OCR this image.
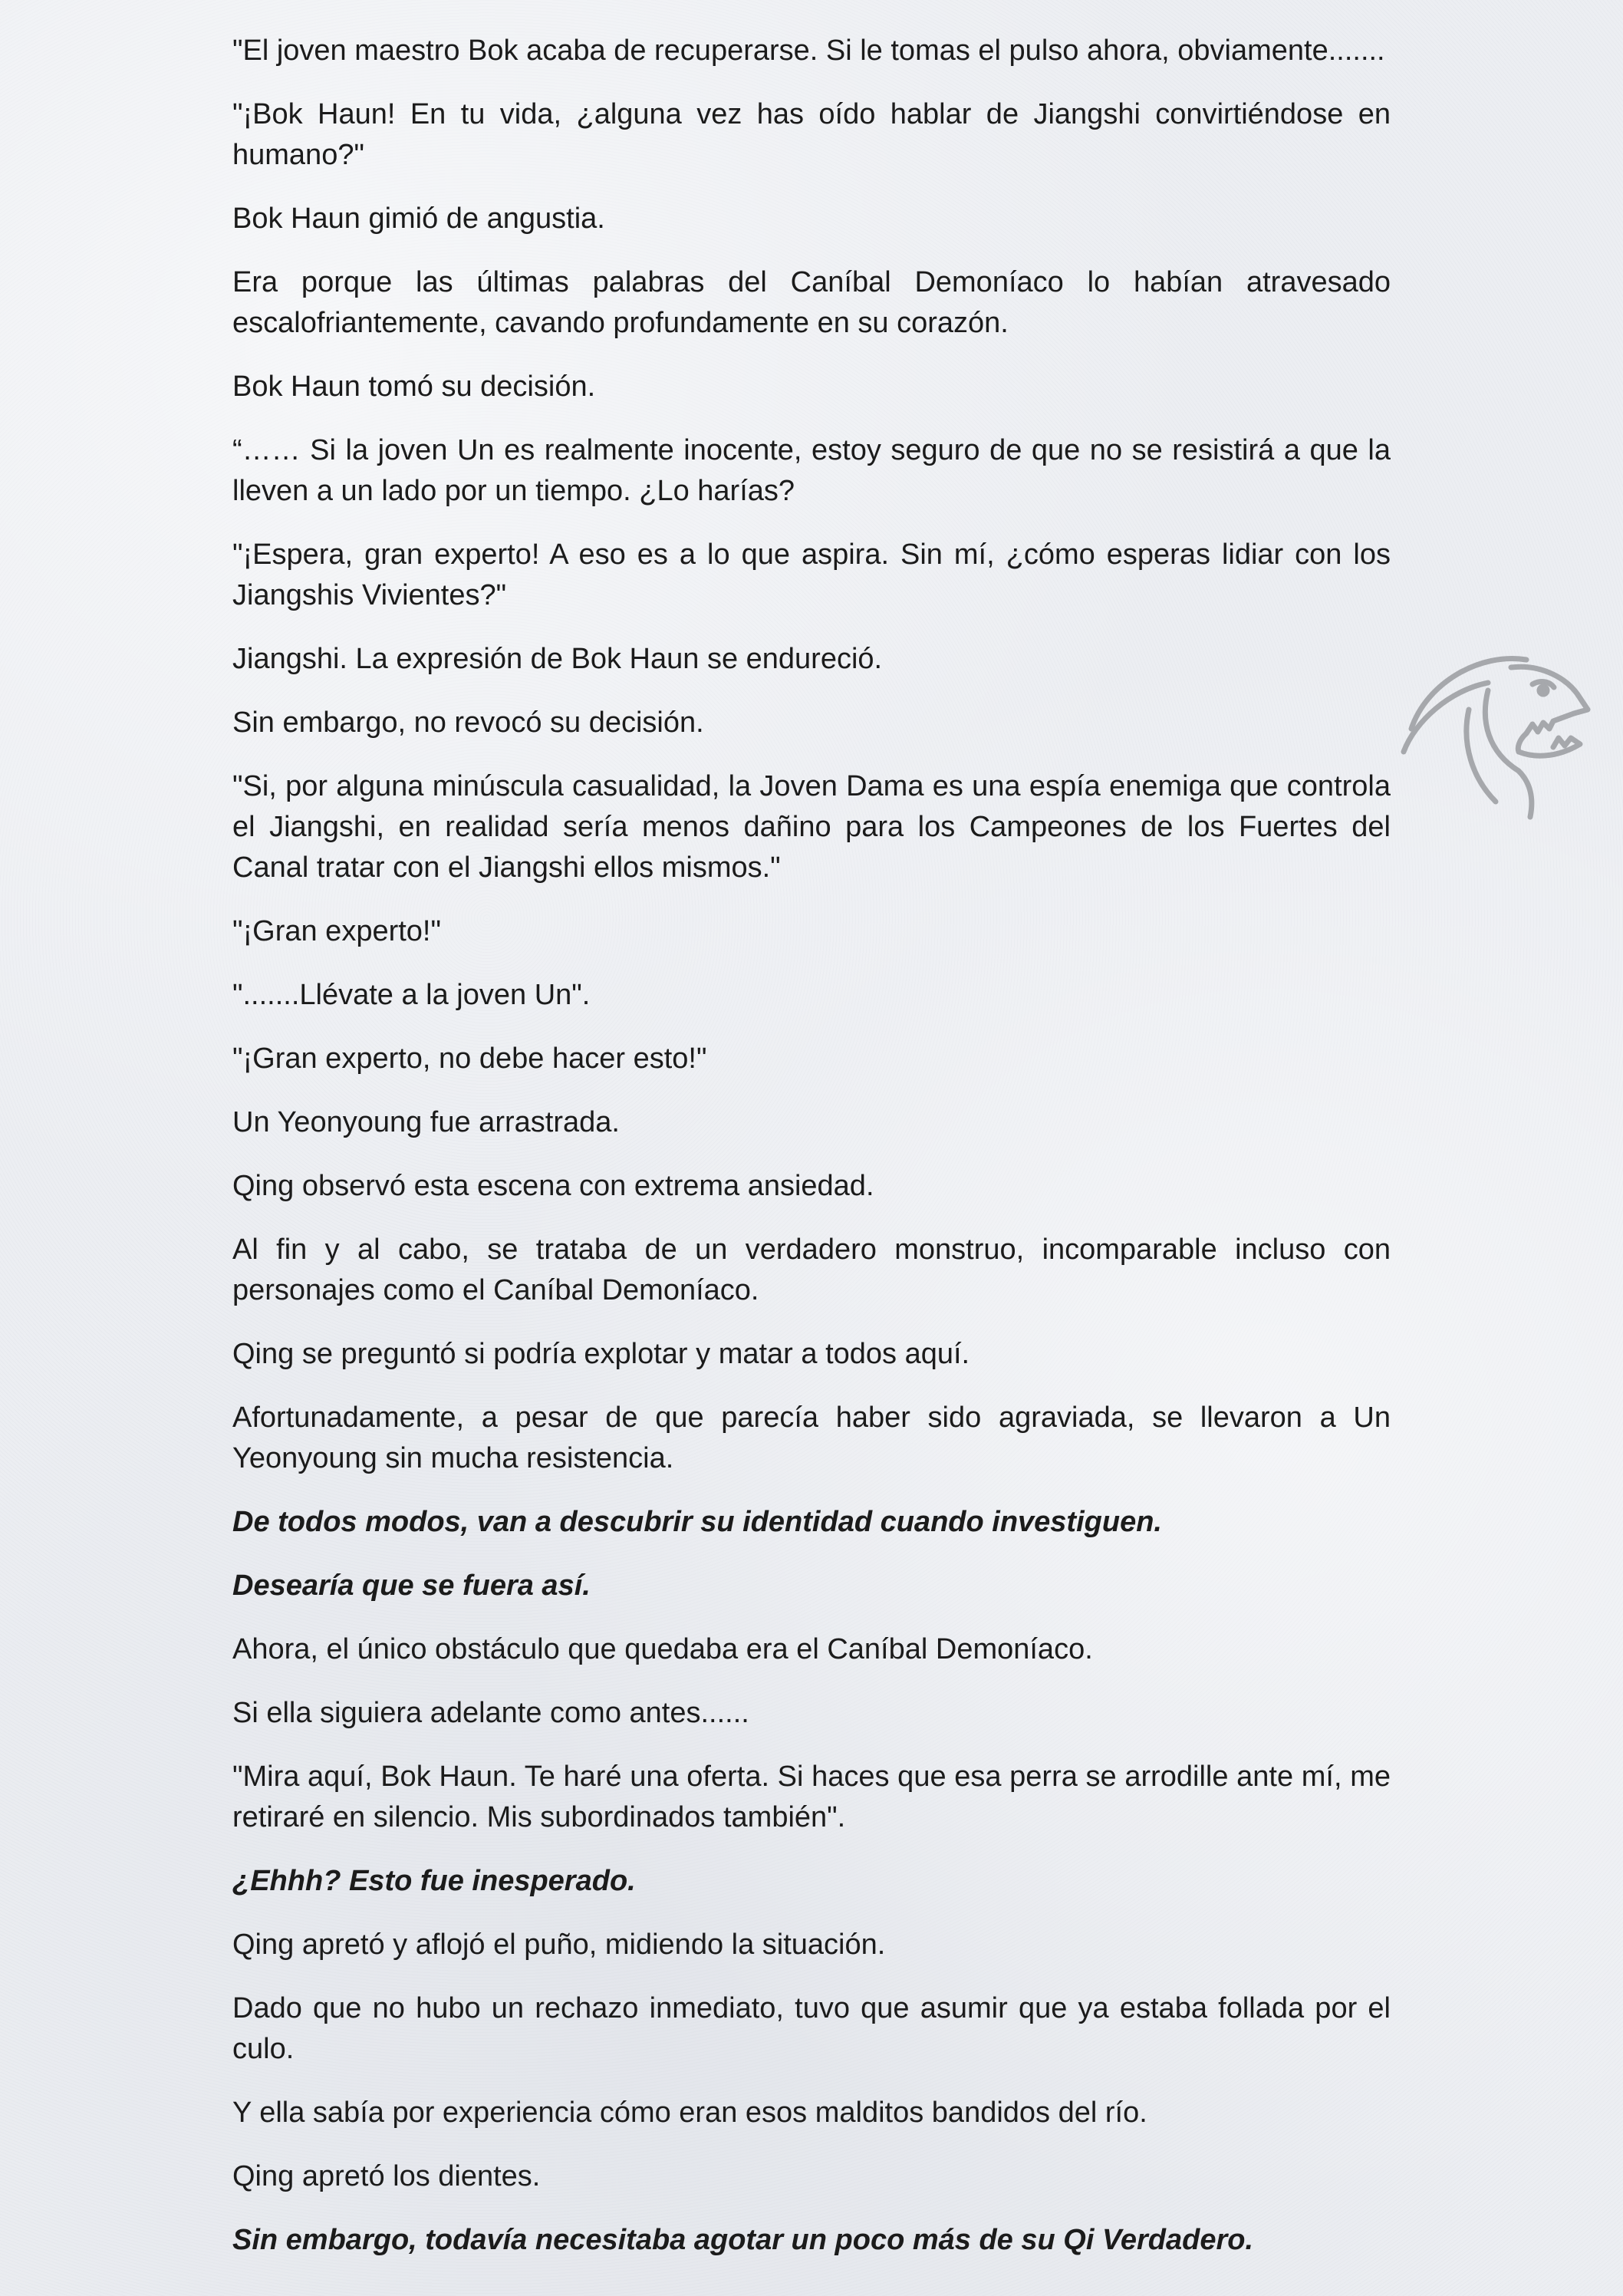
"El joven maestro Bok acaba de recuperarse. Si le tomas el pulso ahora, obviamente.......

"¡Bok Haun! En tu vida, ¿alguna vez has oído hablar de Jiangshi convirtiéndose en humano?"

Bok Haun gimió de angustia.

Era porque las últimas palabras del Caníbal Demoníaco lo habían atravesado escalofriantemente, cavando profundamente en su corazón.

Bok Haun tomó su decisión.

“…… Si la joven Un es realmente inocente, estoy seguro de que no se resistirá a que la lleven a un lado por un tiempo. ¿Lo harías?

"¡Espera, gran experto! A eso es a lo que aspira. Sin mí, ¿cómo esperas lidiar con los Jiangshis Vivientes?"

Jiangshi. La expresión de Bok Haun se endureció.

Sin embargo, no revocó su decisión.

"Si, por alguna minúscula casualidad, la Joven Dama es una espía enemiga que controla el Jiangshi, en realidad sería menos dañino para los Campeones de los Fuertes del Canal tratar con el Jiangshi ellos mismos."

"¡Gran experto!"

".......Llévate a la joven Un".

"¡Gran experto, no debe hacer esto!"

Un Yeonyoung fue arrastrada.

Qing observó esta escena con extrema ansiedad.

Al fin y al cabo, se trataba de un verdadero monstruo, incomparable incluso con personajes como el Caníbal Demoníaco.

Qing se preguntó si podría explotar y matar a todos aquí.

Afortunadamente, a pesar de que parecía haber sido agraviada, se llevaron a Un Yeonyoung sin mucha resistencia.

De todos modos, van a descubrir su identidad cuando investiguen.

Desearía que se fuera así.

Ahora, el único obstáculo que quedaba era el Caníbal Demoníaco.

Si ella siguiera adelante como antes......

"Mira aquí, Bok Haun. Te haré una oferta. Si haces que esa perra se arrodille ante mí, me retiraré en silencio. Mis subordinados también".

¿Ehhh? Esto fue inesperado.

Qing apretó y aflojó el puño, midiendo la situación.

Dado que no hubo un rechazo inmediato, tuvo que asumir que ya estaba follada por el culo.

Y ella sabía por experiencia cómo eran esos malditos bandidos del río.

Qing apretó los dientes.

Sin embargo, todavía necesitaba agotar un poco más de su Qi Verdadero.
